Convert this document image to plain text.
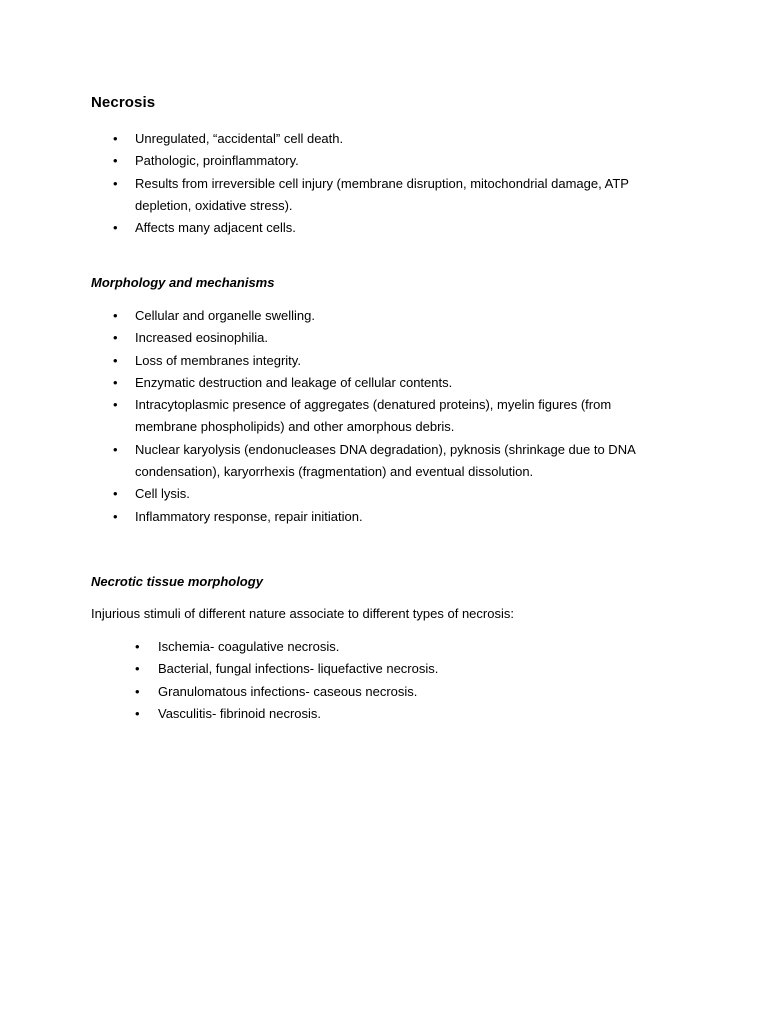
Necrosis
• Unregulated, “accidental” cell death.
• Pathologic, proinflammatory.
• Results from irreversible cell injury (membrane disruption, mitochondrial damage, ATP depletion, oxidative stress).
• Affects many adjacent cells.
Morphology and mechanisms
• Cellular and organelle swelling.
• Increased eosinophilia.
• Loss of membranes integrity.
• Enzymatic destruction and leakage of cellular contents.
• Intracytoplasmic presence of aggregates (denatured proteins), myelin figures (from membrane phospholipids) and other amorphous debris.
• Nuclear karyolysis (endonucleases DNA degradation), pyknosis (shrinkage due to DNA condensation), karyorrhexis (fragmentation) and eventual dissolution.
• Cell lysis.
• Inflammatory response, repair initiation.
Necrotic tissue morphology
Injurious stimuli of different nature associate to different types of necrosis:
• Ischemia- coagulative necrosis.
• Bacterial, fungal infections- liquefactive necrosis.
• Granulomatous infections- caseous necrosis.
• Vasculitis- fibrinoid necrosis.
